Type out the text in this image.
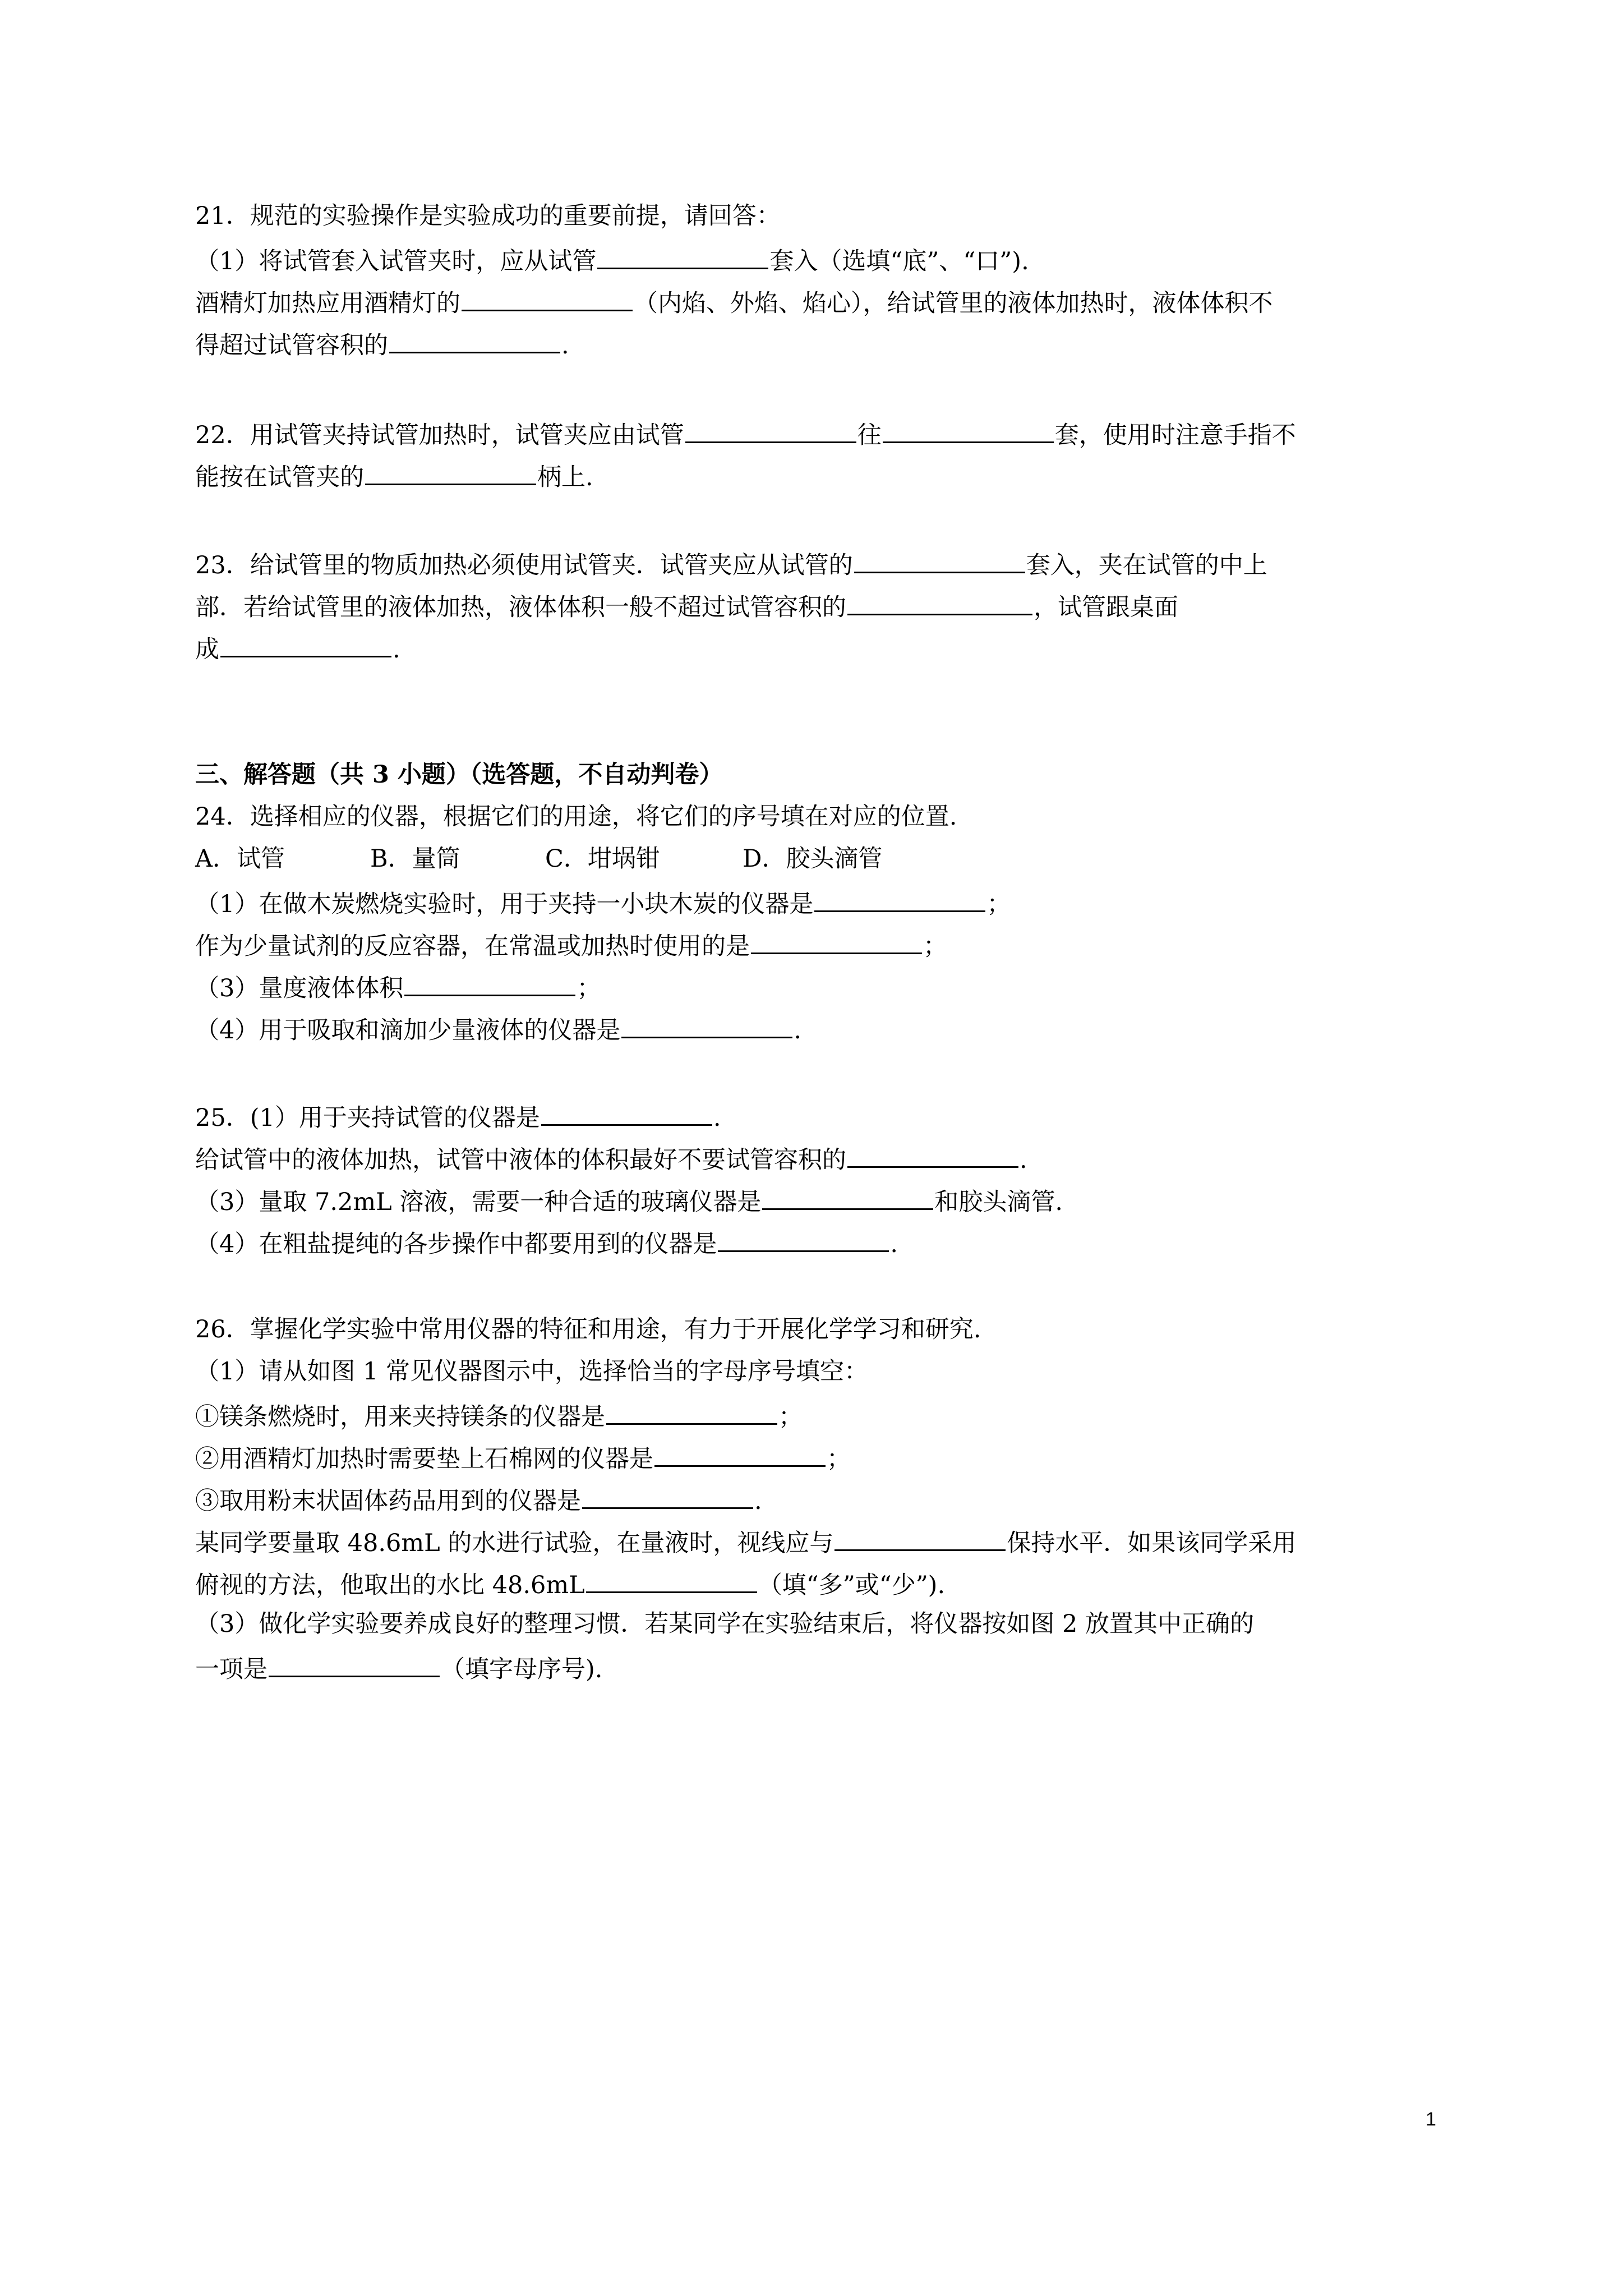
21．规范的实验操作是实验成功的重要前提，请回答：
（1）将试管套入试管夹时，应从试管	套入（选填“底”、“口”).
酒精灯加热应用酒精灯的	（内焰、外焰、焰心），给试管里的液体加热时，液体体积不
得超过试管容积的	.
22．用试管夹持试管加热时，试管夹应由试管	往	套，使用时注意手指不
能按在试管夹的	柄上.
23．给试管里的物质加热必须使用试管夹．试管夹应从试管的	套入，夹在试管的中上
部．若给试管里的液体加热，液体体积一般不超过试管容积的	，试管跟桌面
成	.
三、解答题（共 3 小题）（选答题，不自动判卷）
24．选择相应的仪器，根据它们的用途，将它们的序号填在对应的位置.
A．试管	B．量筒	C．坩埚钳	D．胶头滴管
（1）在做木炭燃烧实验时，用于夹持一小块木炭的仪器是	；
作为少量试剂的反应容器，在常温或加热时使用的是	；
（3）量度液体体积	；
（4）用于吸取和滴加少量液体的仪器是	.
25．(1）用于夹持试管的仪器是	.
给试管中的液体加热，试管中液体的体积最好不要试管容积的	.
（3）量取 7.2mL 溶液，需要一种合适的玻璃仪器是	和胶头滴管.
（4）在粗盐提纯的各步操作中都要用到的仪器是	.
26．掌握化学实验中常用仪器的特征和用途，有力于开展化学学习和研究.
（1）请从如图 1 常见仪器图示中，选择恰当的字母序号填空：
①镁条燃烧时，用来夹持镁条的仪器是	；
②用酒精灯加热时需要垫上石棉网的仪器是	；
③取用粉末状固体药品用到的仪器是	.
某同学要量取 48.6mL 的水进行试验，在量液时，视线应与	保持水平．如果该同学采用
俯视的方法，他取出的水比 48.6mL	（填“多”或“少”).
（3）做化学实验要养成良好的整理习惯．若某同学在实验结束后，将仪器按如图 2 放置其中正确的
一项是	（填字母序号).
1
